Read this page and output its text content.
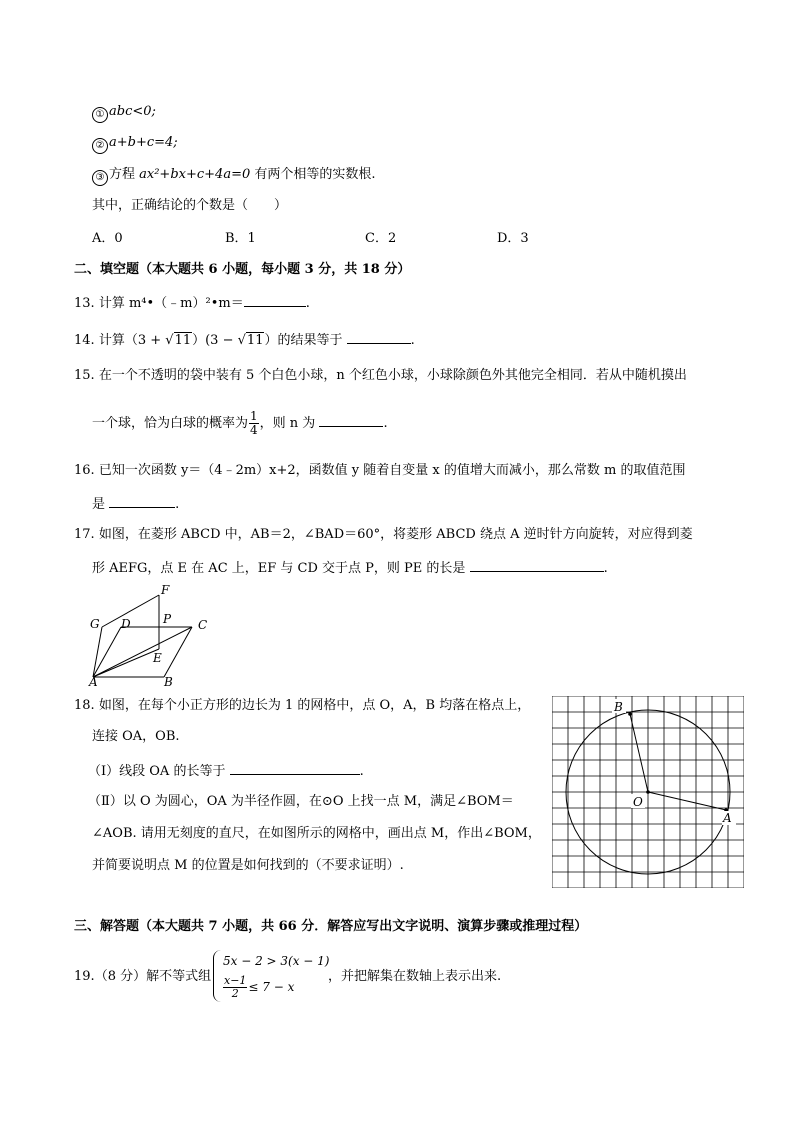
① abc<0;
② a+b+c=4;
③ 方程 ax²+bx+c+4a=0 有两个相等的实数根.
其中，正确结论的个数是（　　）
A．0	B．1	C．2	D．3
二、填空题（本大题共 6 小题，每小题 3 分，共 18 分）
13. 计算 m⁴•（﹣m）²•m＝	.
14. 计算（3 + √11）(3 − √11）的结果等于	.
15. 在一个不透明的袋中装有 5 个白色小球，n 个红色小球，小球除颜色外其他完全相同．若从中随机摸出
一个球，恰为白球的概率为 $\frac{1}{4}$ ，则 n 为	.
16. 已知一次函数 y＝（4﹣2m）x+2，函数值 y 随着自变量 x 的值增大而减小，那么常数 m 的取值范围
是	.
17. 如图，在菱形 ABCD 中，AB＝2，∠BAD＝60°，将菱形 ABCD 绕点 A 逆时针方向旋转，对应得到菱
形 AEFG，点 E 在 AC 上，EF 与 CD 交于点 P，则 PE 的长是	.
F
G D	P C
E
A	B
18. 如图，在每个小正方形的边长为 1 的网格中，点 O，A，B 均落在格点上，
连接 OA，OB.
（Ⅰ）线段 OA 的长等于	.
（Ⅱ）以 O 为圆心，OA 为半径作圆，在⊙O 上找一点 M，满足∠BOM＝
∠AOB. 请用无刻度的直尺，在如图所示的网格中，画出点 M，作出∠BOM，
并简要说明点 M 的位置是如何找到的（不要求证明）.
B
O
A
三、解答题（本大题共 7 小题，共 66 分．解答应写出文字说明、演算步骤或推理过程）
19.（8 分）解不等式组
5x − 2 > 3(x − 1)
$\frac{x-1}{2} \le 7 - x$
，并把解集在数轴上表示出来.
